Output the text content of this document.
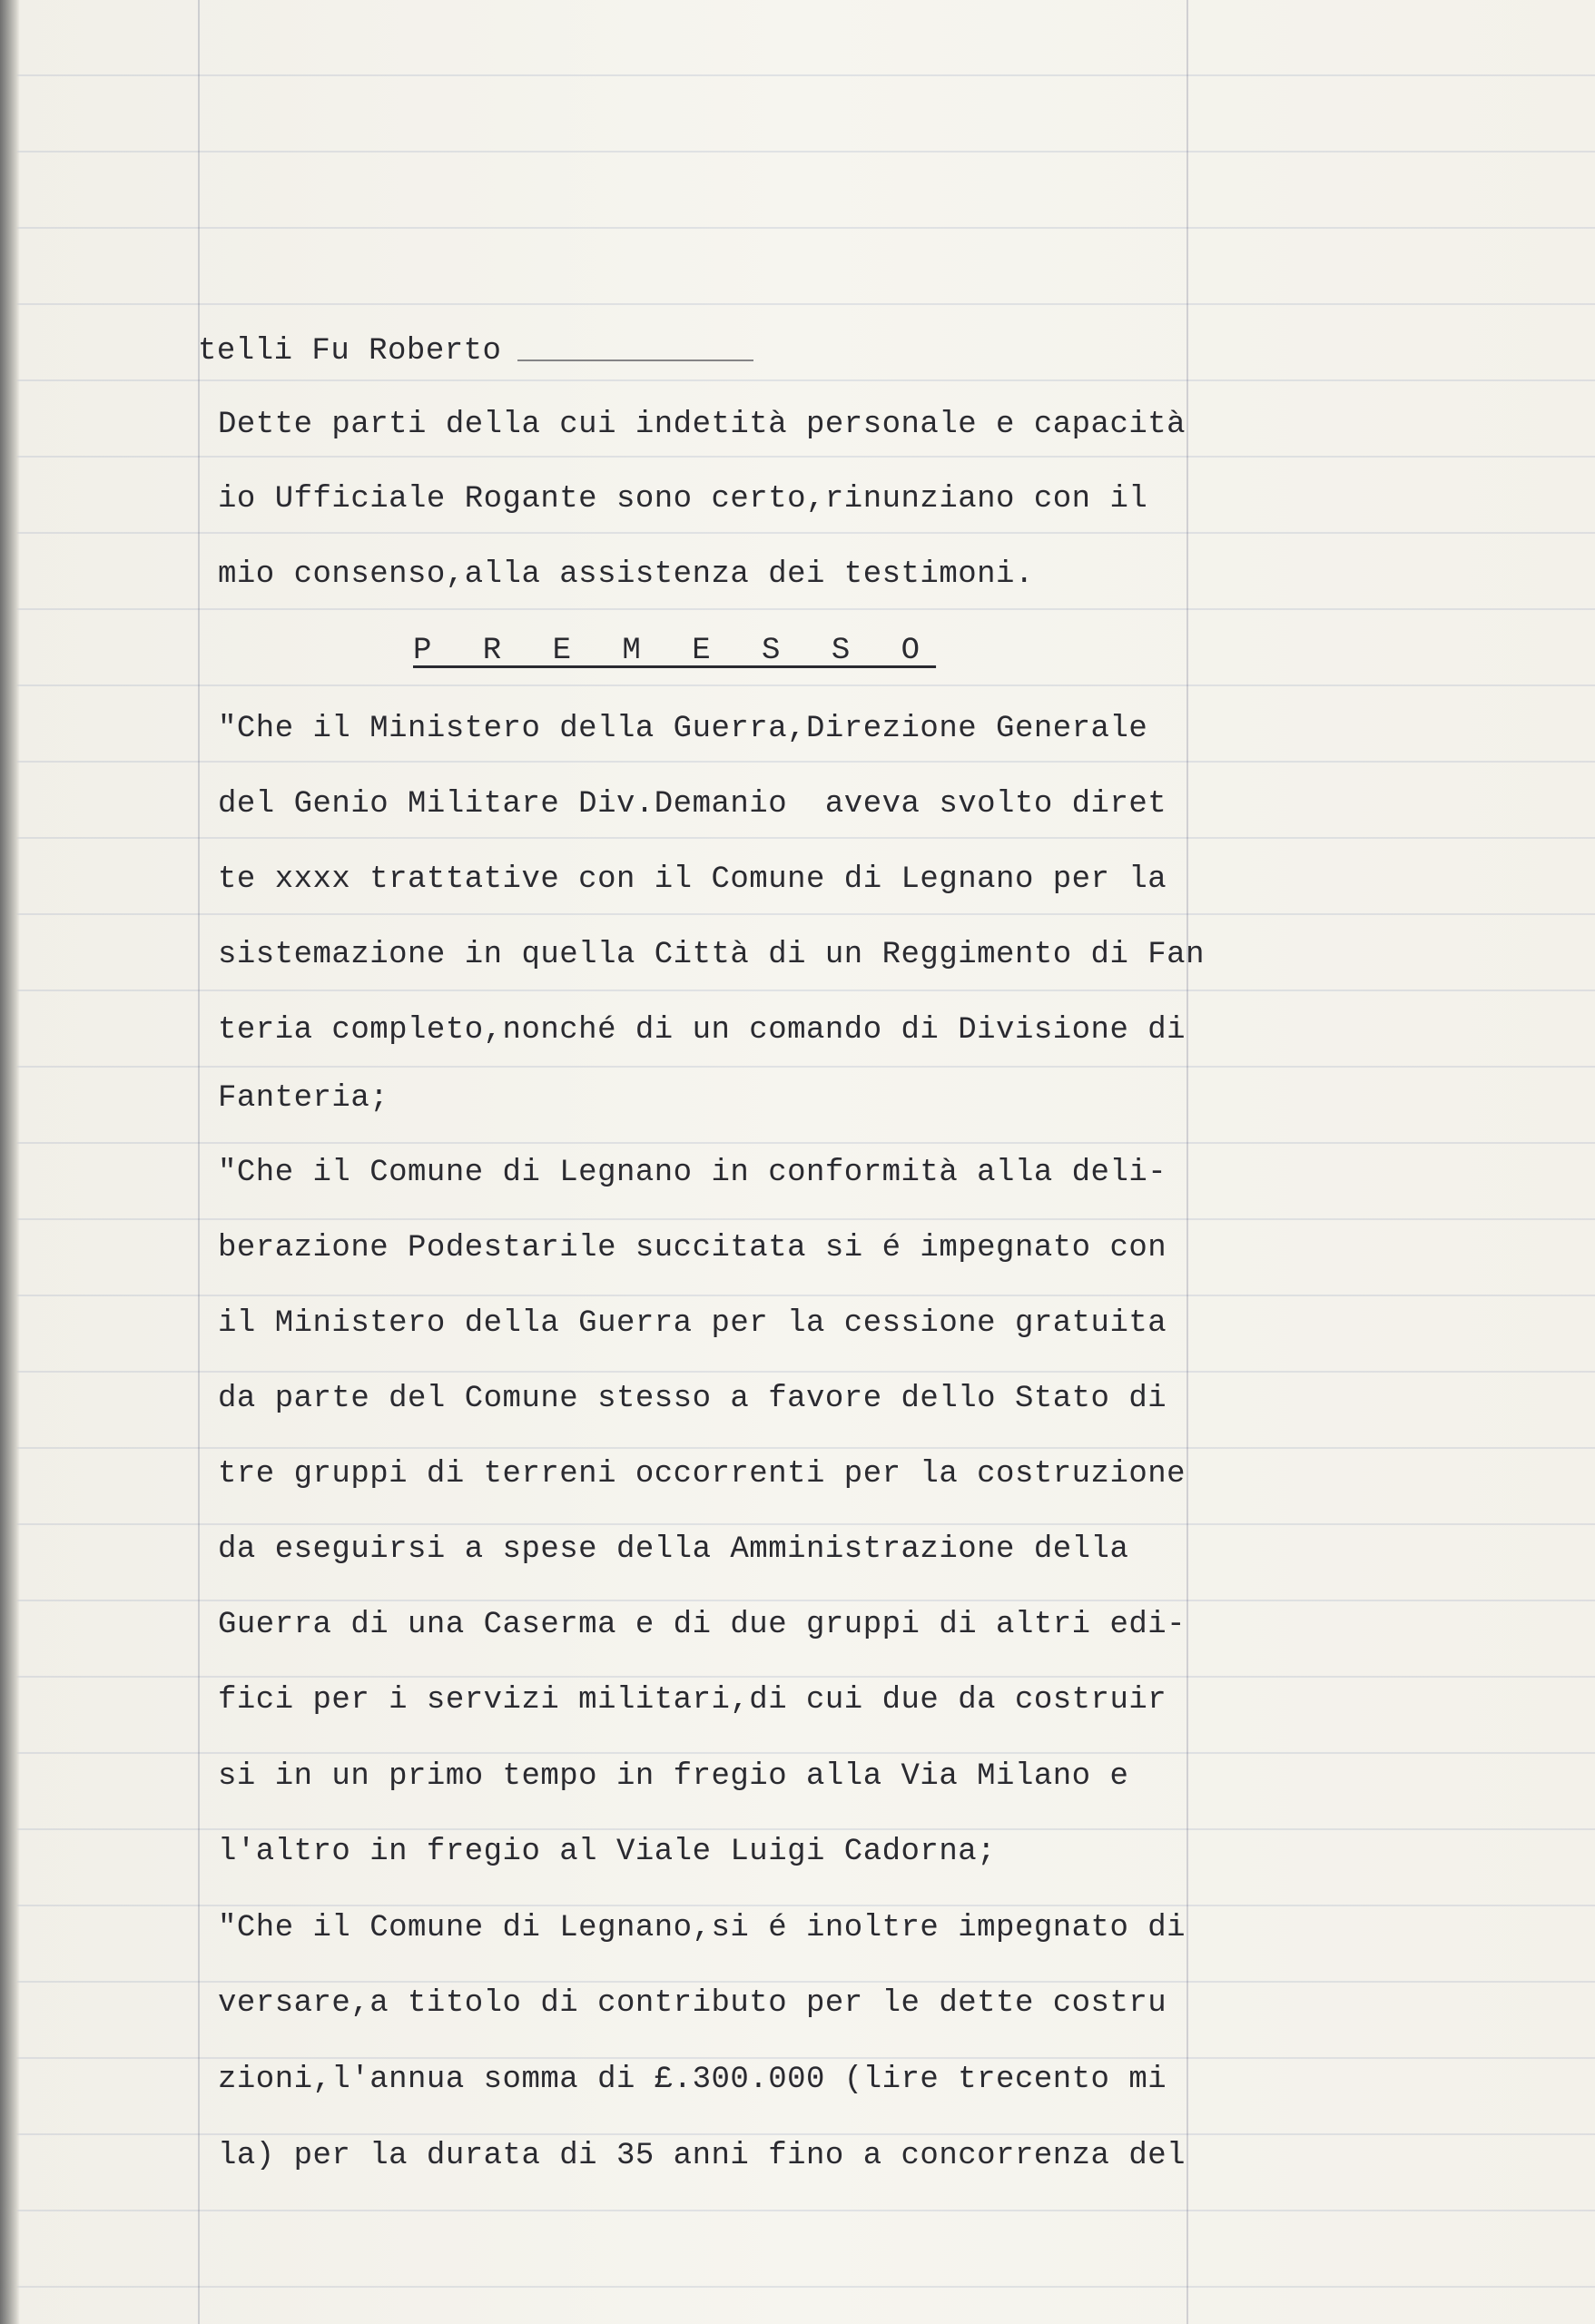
telli Fu Roberto

Dette parti della cui indetità personale e capacità

io Ufficiale Rogante sono certo,rinunziano con il

mio consenso,alla assistenza dei testimoni.

P R E M E S S O

"Che il Ministero della Guerra,Direzione Generale

del Genio Militare Div.Demanio  aveva svolto diret

te xxxx trattative con il Comune di Legnano per la

sistemazione in quella Città di un Reggimento di Fan

teria completo,nonché di un comando di Divisione di

Fanteria;

"Che il Comune di Legnano in conformità alla deli-

berazione Podestarile succitata si é impegnato con

il Ministero della Guerra per la cessione gratuita

da parte del Comune stesso a favore dello Stato di

tre gruppi di terreni occorrenti per la costruzione

da eseguirsi a spese della Amministrazione della

Guerra di una Caserma e di due gruppi di altri edi-

fici per i servizi militari,di cui due da costruir

si in un primo tempo in fregio alla Via Milano e

l'altro in fregio al Viale Luigi Cadorna;

"Che il Comune di Legnano,si é inoltre impegnato di

versare,a titolo di contributo per le dette costru

zioni,l'annua somma di £.300.000 (lire trecento mi

la) per la durata di 35 anni fino a concorrenza del
